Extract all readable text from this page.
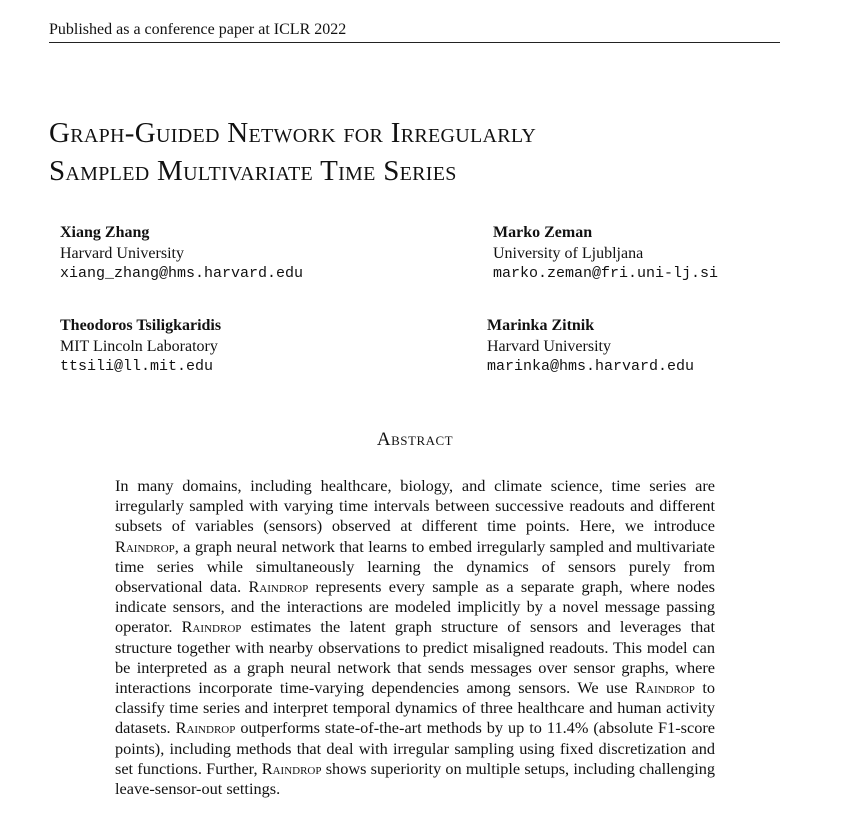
Published as a conference paper at ICLR 2022
Graph-Guided Network for Irregularly
Sampled Multivariate Time Series
Xiang Zhang
Harvard University
xiang_zhang@hms.harvard.edu
Marko Zeman
University of Ljubljana
marko.zeman@fri.uni-lj.si
Theodoros Tsiligkaridis
MIT Lincoln Laboratory
ttsili@ll.mit.edu
Marinka Zitnik
Harvard University
marinka@hms.harvard.edu
Abstract

In many domains, including healthcare, biology, and climate science, time series are irregularly sampled with varying time intervals between successive readouts and different subsets of variables (sensors) observed at different time points. Here, we introduce Raindrop, a graph neural network that learns to embed irregularly sampled and multivariate time series while simultaneously learning the dynamics of sensors purely from observational data. Raindrop represents every sample as a separate graph, where nodes indicate sensors, and the interactions are modeled implicitly by a novel message passing operator. Raindrop estimates the latent graph structure of sensors and leverages that structure together with nearby observations to predict misaligned readouts. This model can be interpreted as a graph neural network that sends messages over sensor graphs, where interactions incorporate time-varying dependencies among sensors. We use Raindrop to classify time series and interpret temporal dynamics of three healthcare and human activity datasets. Raindrop outperforms state-of-the-art methods by up to 11.4% (absolute F1-score points), including methods that deal with irregular sampling using fixed discretization and set functions. Further, Raindrop shows superiority on multiple setups, including challenging leave-sensor-out settings.
